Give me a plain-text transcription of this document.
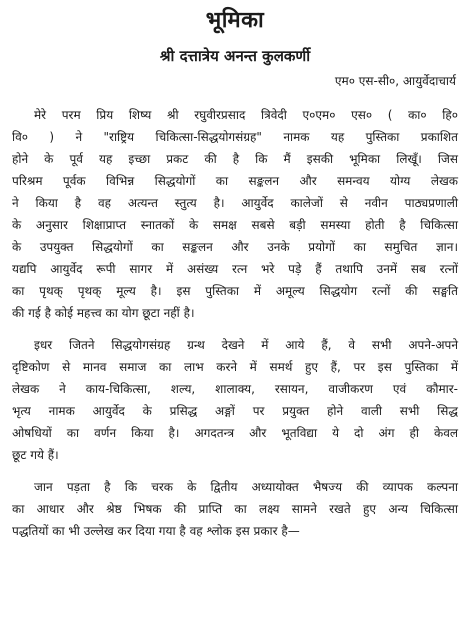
भूमिका
श्री दत्तात्रेय अनन्त कुलकर्णी
एम० एस-सी०, आयुर्वेदाचार्य

मेरे परम प्रिय शिष्य श्री रघुवीरप्रसाद त्रिवेदी ए०एम० एस० ( का० हि०

वि० ) ने "राष्ट्रिय चिकित्सा-सिद्धयोगसंग्रह" नामक यह पुस्तिका प्रकाशित

होने के पूर्व यह इच्छा प्रकट की है कि मैं इसकी भूमिका लिखूँ। जिस

परिश्रम पूर्वक विभिन्न सिद्धयोगों का सङ्कलन और समन्वय योग्य लेखक

ने किया है वह अत्यन्त स्तुत्य है। आयुर्वेद कालेजों से नवीन पाठ्यप्रणाली

के अनुसार शिक्षाप्राप्त स्नातकों के समक्ष सबसे बड़ी समस्या होती है चिकित्सा

के उपयुक्त सिद्धयोगों का सङ्कलन और उनके प्रयोगों का समुचित ज्ञान।

यद्यपि आयुर्वेद रूपी सागर में असंख्य रत्न भरे पड़े हैं तथापि उनमें सब रत्नों

का पृथक् पृथक् मूल्य है। इस पुस्तिका में अमूल्य सिद्धयोग रत्नों की सङ्घति

की गई है कोई महत्त्व का योग छूटा नहीं है।

इधर जितने सिद्धयोगसंग्रह ग्रन्थ देखने में आये हैं, वे सभी अपने-अपने

दृष्टिकोण से मानव समाज का लाभ करने में समर्थ हुए हैं, पर इस पुस्तिका में

लेखक ने काय-चिकित्सा, शल्य, शालाक्य, रसायन, वाजीकरण एवं कौमार-

भृत्य नामक आयुर्वेद के प्रसिद्ध अङ्गों पर प्रयुक्त होने वाली सभी सिद्ध

ओषधियों का वर्णन किया है। अगदतन्त्र और भूतविद्या ये दो अंग ही केवल

छूट गये हैं।

जान पड़ता है कि चरक के द्वितीय अध्यायोक्त भैषज्य की व्यापक कल्पना

का आधार और श्रेष्ठ भिषक की प्राप्ति का लक्ष्य सामने रखते हुए अन्य चिकित्सा

पद्धतियों का भी उल्लेख कर दिया गया है वह श्लोक इस प्रकार है—
